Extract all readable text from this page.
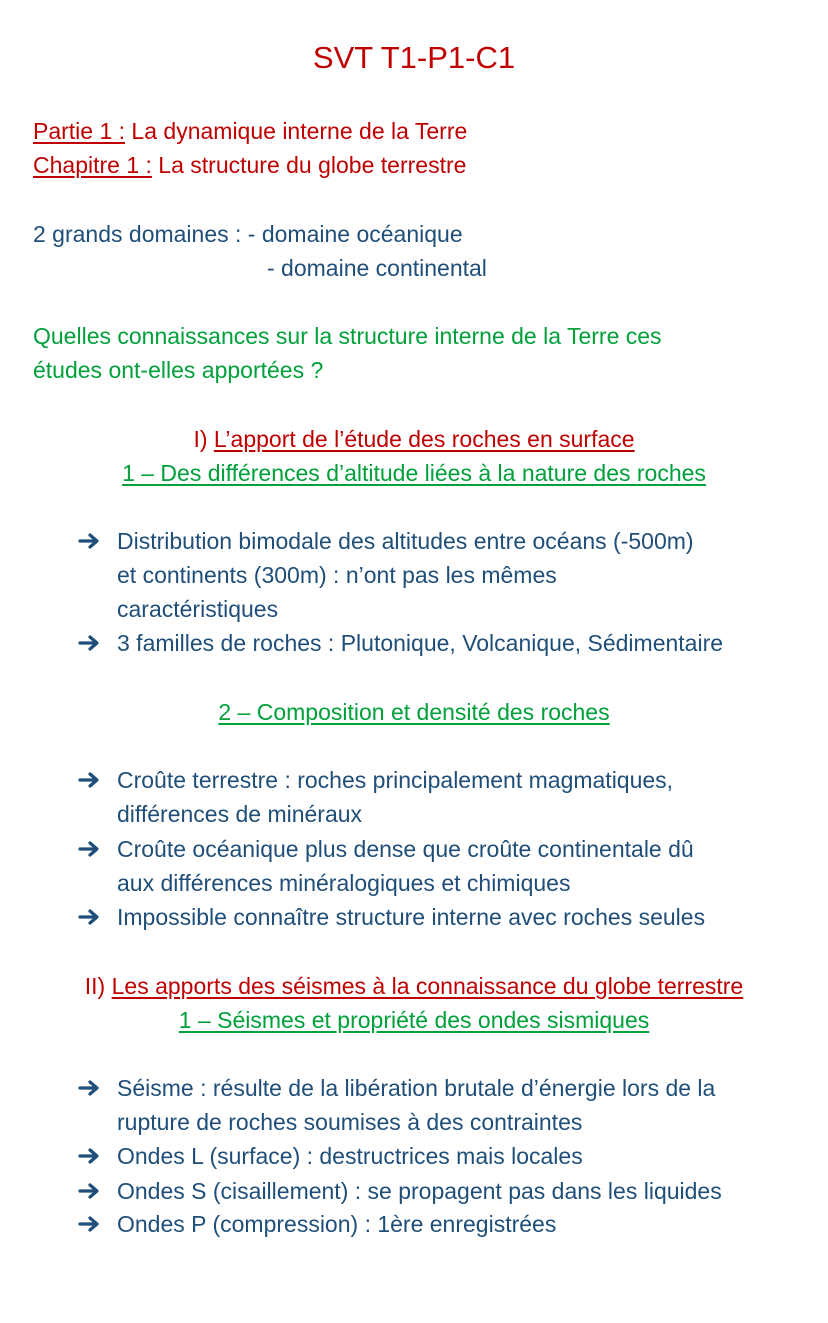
SVT T1-P1-C1
Partie 1 : La dynamique interne de la Terre
Chapitre 1 : La structure du globe terrestre
2 grands domaines : - domaine océanique
- domaine continental
Quelles connaissances sur la structure interne de la Terre ces
études ont-elles apportées ?
I) L’apport de l’étude des roches en surface
1 – Des différences d’altitude liées à la nature des roches
Distribution bimodale des altitudes entre océans (-500m)
et continents (300m) : n’ont pas les mêmes
caractéristiques
3 familles de roches : Plutonique, Volcanique, Sédimentaire
2 – Composition et densité des roches
Croûte terrestre : roches principalement magmatiques,
différences de minéraux
Croûte océanique plus dense que croûte continentale dû
aux différences minéralogiques et chimiques
Impossible connaître structure interne avec roches seules
II) Les apports des séismes à la connaissance du globe terrestre
1 – Séismes et propriété des ondes sismiques
Séisme : résulte de la libération brutale d’énergie lors de la
rupture de roches soumises à des contraintes
Ondes L (surface) : destructrices mais locales
Ondes S (cisaillement) : se propagent pas dans les liquides
Ondes P (compression) : 1ère enregistrées
